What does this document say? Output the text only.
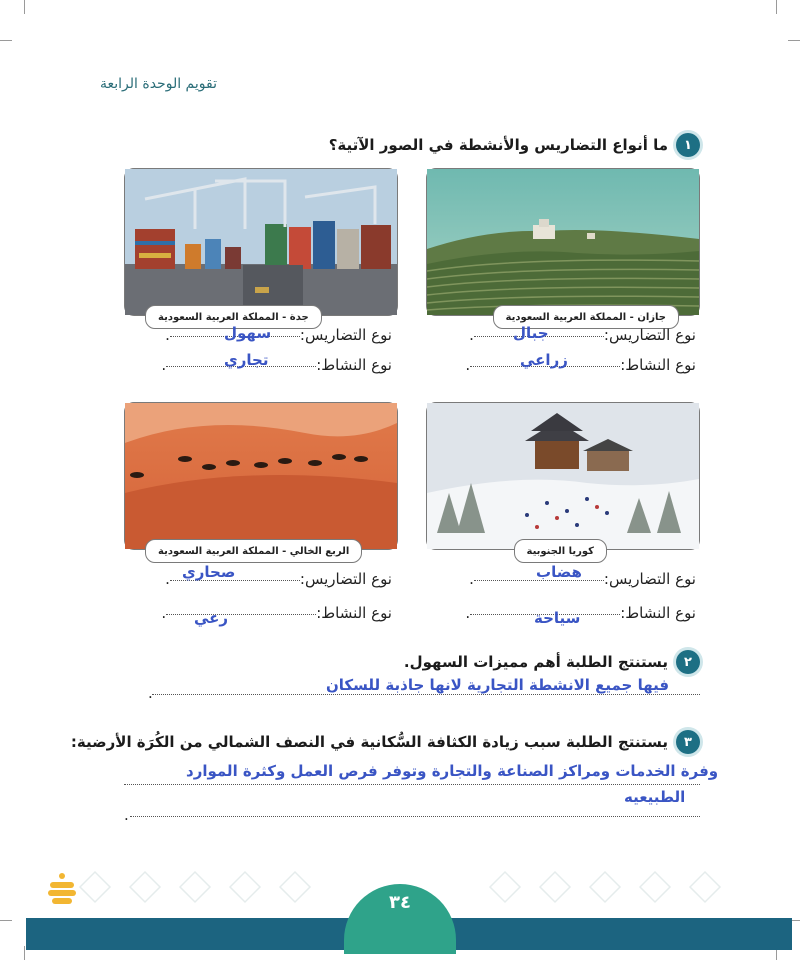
تقويم الوحدة الرابعة
١
ما أنواع التضاريس والأنشطة في الصور الآتية؟
جازان - المملكة العربية السعودية
جدة - المملكة العربية السعودية
نوع التضاريس:.
نوع النشاط:.
جبال
زراعي
نوع التضاريس:.
نوع النشاط:.
سهول
تجاري
كوريا الجنوبية
الربع الخالي - المملكة العربية السعودية
نوع التضاريس:.
نوع النشاط:.
هضاب
سياحة
نوع التضاريس:.
نوع النشاط:.
صحاري
رعي
٢
يستنتج الطلبة أهم مميزات السهول.
فيها جميع الانشطة التجارية لانها جاذبة للسكان
.
٣
يستنتج الطلبة سبب زيادة الكثافة السُّكانية في النصف الشمالي من الكُرَة الأرضية:
وفرة الخدمات ومراكز الصناعة والتجارة وتوفر فرص العمل وكثرة الموارد
الطبيعيه
.
٣٤
